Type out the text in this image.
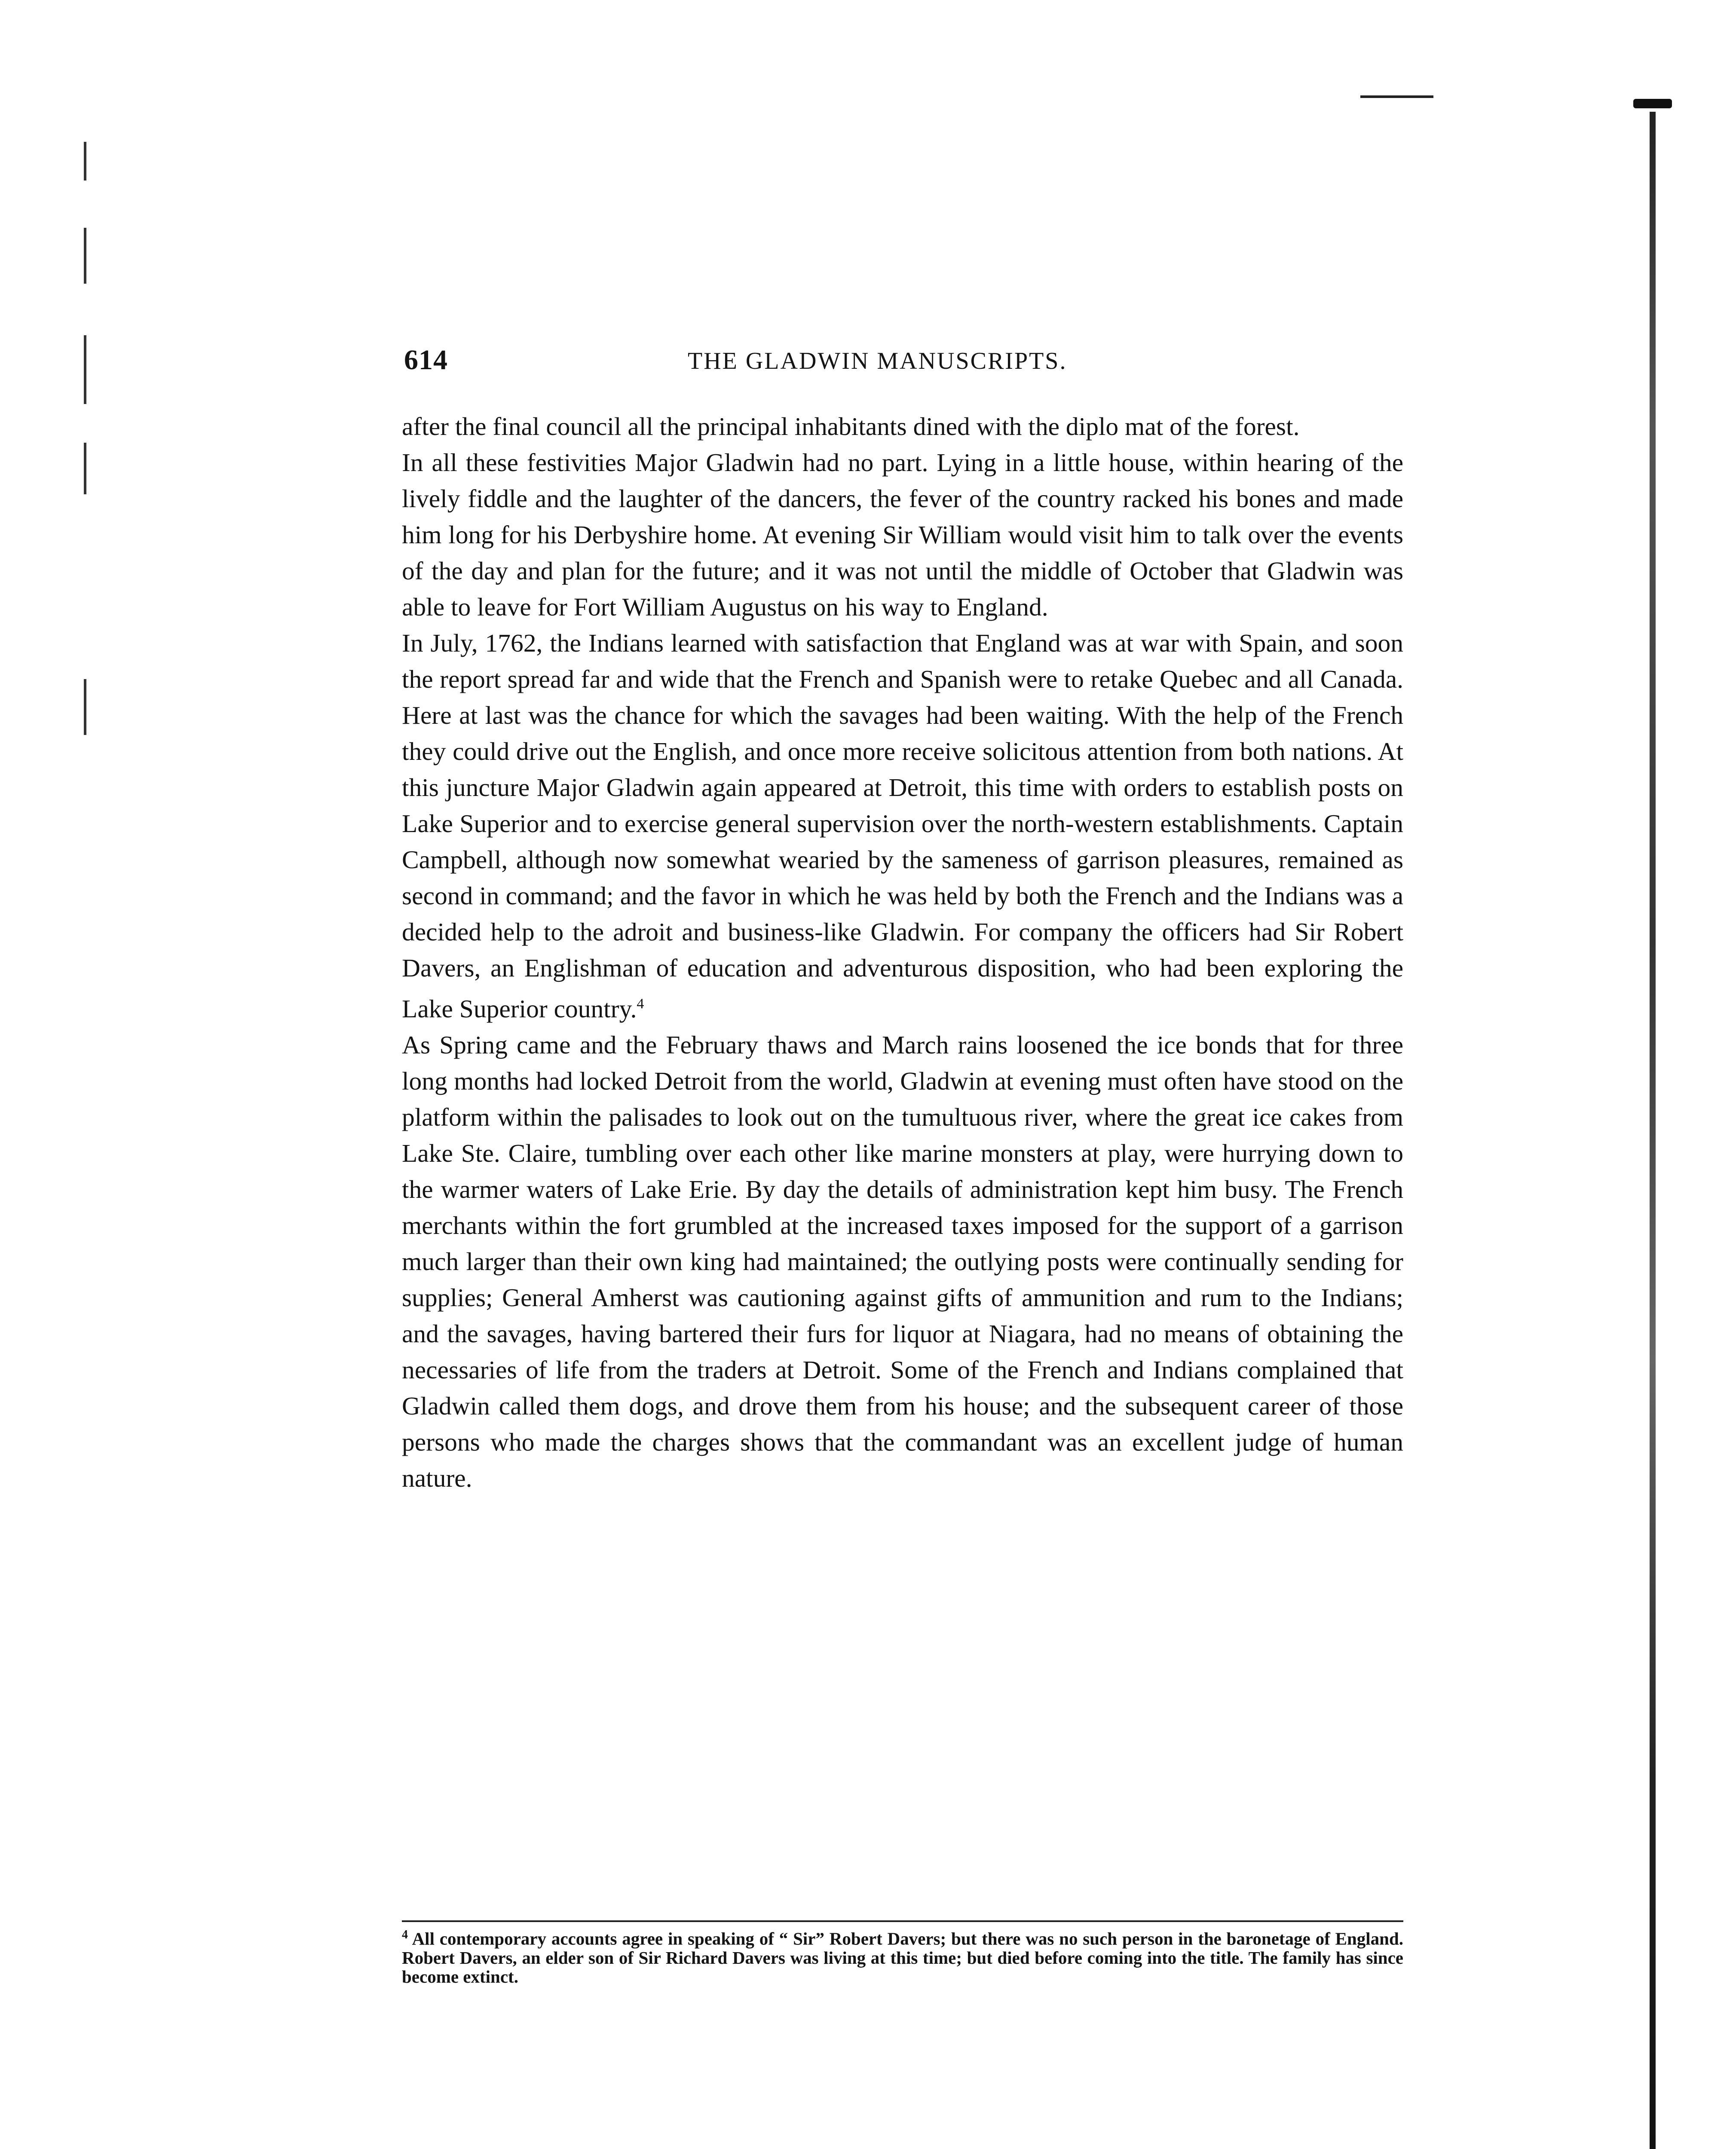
614	THE GLADWIN MANUSCRIPTS.

after the final council all the principal inhabitants dined with the diplo mat of the forest.

In all these festivities Major Gladwin had no part. Lying in a little house, within hearing of the lively fiddle and the laughter of the dancers, the fever of the country racked his bones and made him long for his Derbyshire home. At evening Sir William would visit him to talk over the events of the day and plan for the future; and it was not until the middle of October that Gladwin was able to leave for Fort William Augustus on his way to England.

In July, 1762, the Indians learned with satisfaction that England was at war with Spain, and soon the report spread far and wide that the French and Spanish were to retake Quebec and all Canada. Here at last was the chance for which the savages had been waiting. With the help of the French they could drive out the English, and once more receive solicitous attention from both nations. At this juncture Major Gladwin again appeared at Detroit, this time with orders to establish posts on Lake Superior and to exercise general supervision over the north-western establishments. Captain Campbell, although now somewhat wearied by the sameness of garrison pleasures, remained as second in command; and the favor in which he was held by both the French and the Indians was a decided help to the adroit and business-like Gladwin. For company the officers had Sir Robert Davers, an Englishman of education and adventurous disposition, who had been exploring the Lake Superior country.$^4$

As Spring came and the February thaws and March rains loosened the ice bonds that for three long months had locked Detroit from the world, Gladwin at evening must often have stood on the platform within the palisades to look out on the tumultuous river, where the great ice cakes from Lake Ste. Claire, tumbling over each other like marine monsters at play, were hurrying down to the warmer waters of Lake Erie. By day the details of administration kept him busy. The French merchants within the fort grumbled at the increased taxes imposed for the support of a garrison much larger than their own king had maintained; the outlying posts were continually sending for supplies; General Amherst was cautioning against gifts of ammunition and rum to the Indians; and the savages, having bartered their furs for liquor at Niagara, had no means of obtaining the necessaries of life from the traders at Detroit. Some of the French and Indians complained that Gladwin called them dogs, and drove them from his house; and the subsequent career of those persons who made the charges shows that the commandant was an excellent judge of human nature.

$^4$ All contemporary accounts agree in speaking of “ Sir” Robert Davers; but there was no such person in the baronetage of England. Robert Davers, an elder son of Sir Richard Davers was living at this time; but died before coming into the title. The family has since become extinct.
